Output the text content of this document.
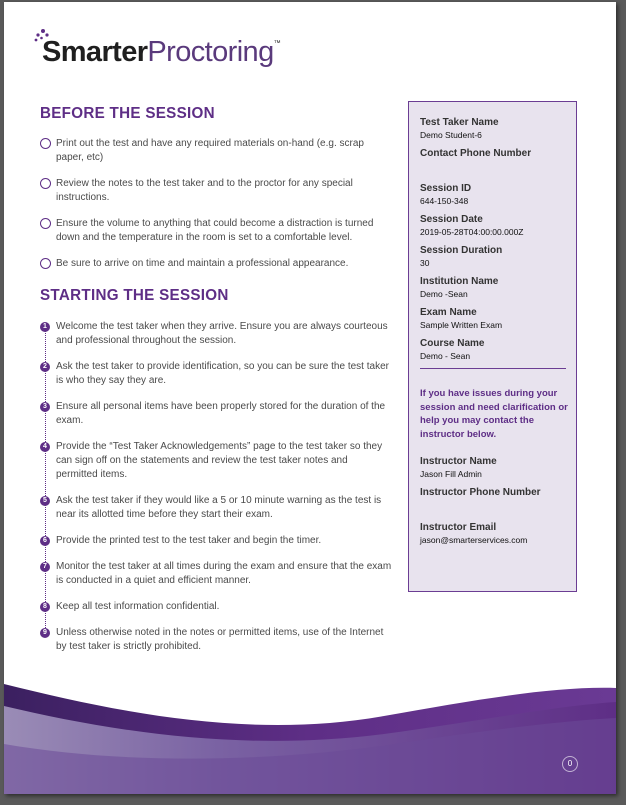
SmarterProctoring™
BEFORE THE SESSION
Print out the test and have any required materials on-hand (e.g. scrap paper, etc)
Review the notes to the test taker and to the proctor for any special instructions.
Ensure the volume to anything that could become a distraction is turned down and the temperature in the room is set to a comfortable level.
Be sure to arrive on time and maintain a professional appearance.
STARTING THE SESSION
1 Welcome the test taker when they arrive. Ensure you are always courteous and professional throughout the session.
2 Ask the test taker to provide identification, so you can be sure the test taker is who they say they are.
3 Ensure all personal items have been properly stored for the duration of the exam.
4 Provide the “Test Taker Acknowledgements” page to the test taker so they can sign off on the statements and review the test taker notes and permitted items.
5 Ask the test taker if they would like a 5 or 10 minute warning as the test is near its allotted time before they start their exam.
6 Provide the printed test to the test taker and begin the timer.
7 Monitor the test taker at all times during the exam and ensure that the exam is conducted in a quiet and efficient manner.
8 Keep all test information confidential.
9 Unless otherwise noted in the notes or permitted items, use of the Internet by test taker is strictly prohibited.
Test Taker Name
Demo Student-6
Contact Phone Number
Session ID
644-150-348
Session Date
2019-05-28T04:00:00.000Z
Session Duration
30
Institution Name
Demo -Sean
Exam Name
Sample Written Exam
Course Name
Demo - Sean
If you have issues during your session and need clarification or help you may contact the instructor below.
Instructor Name
Jason Fill Admin
Instructor Phone Number
Instructor Email
jason@smarterservices.com
0
